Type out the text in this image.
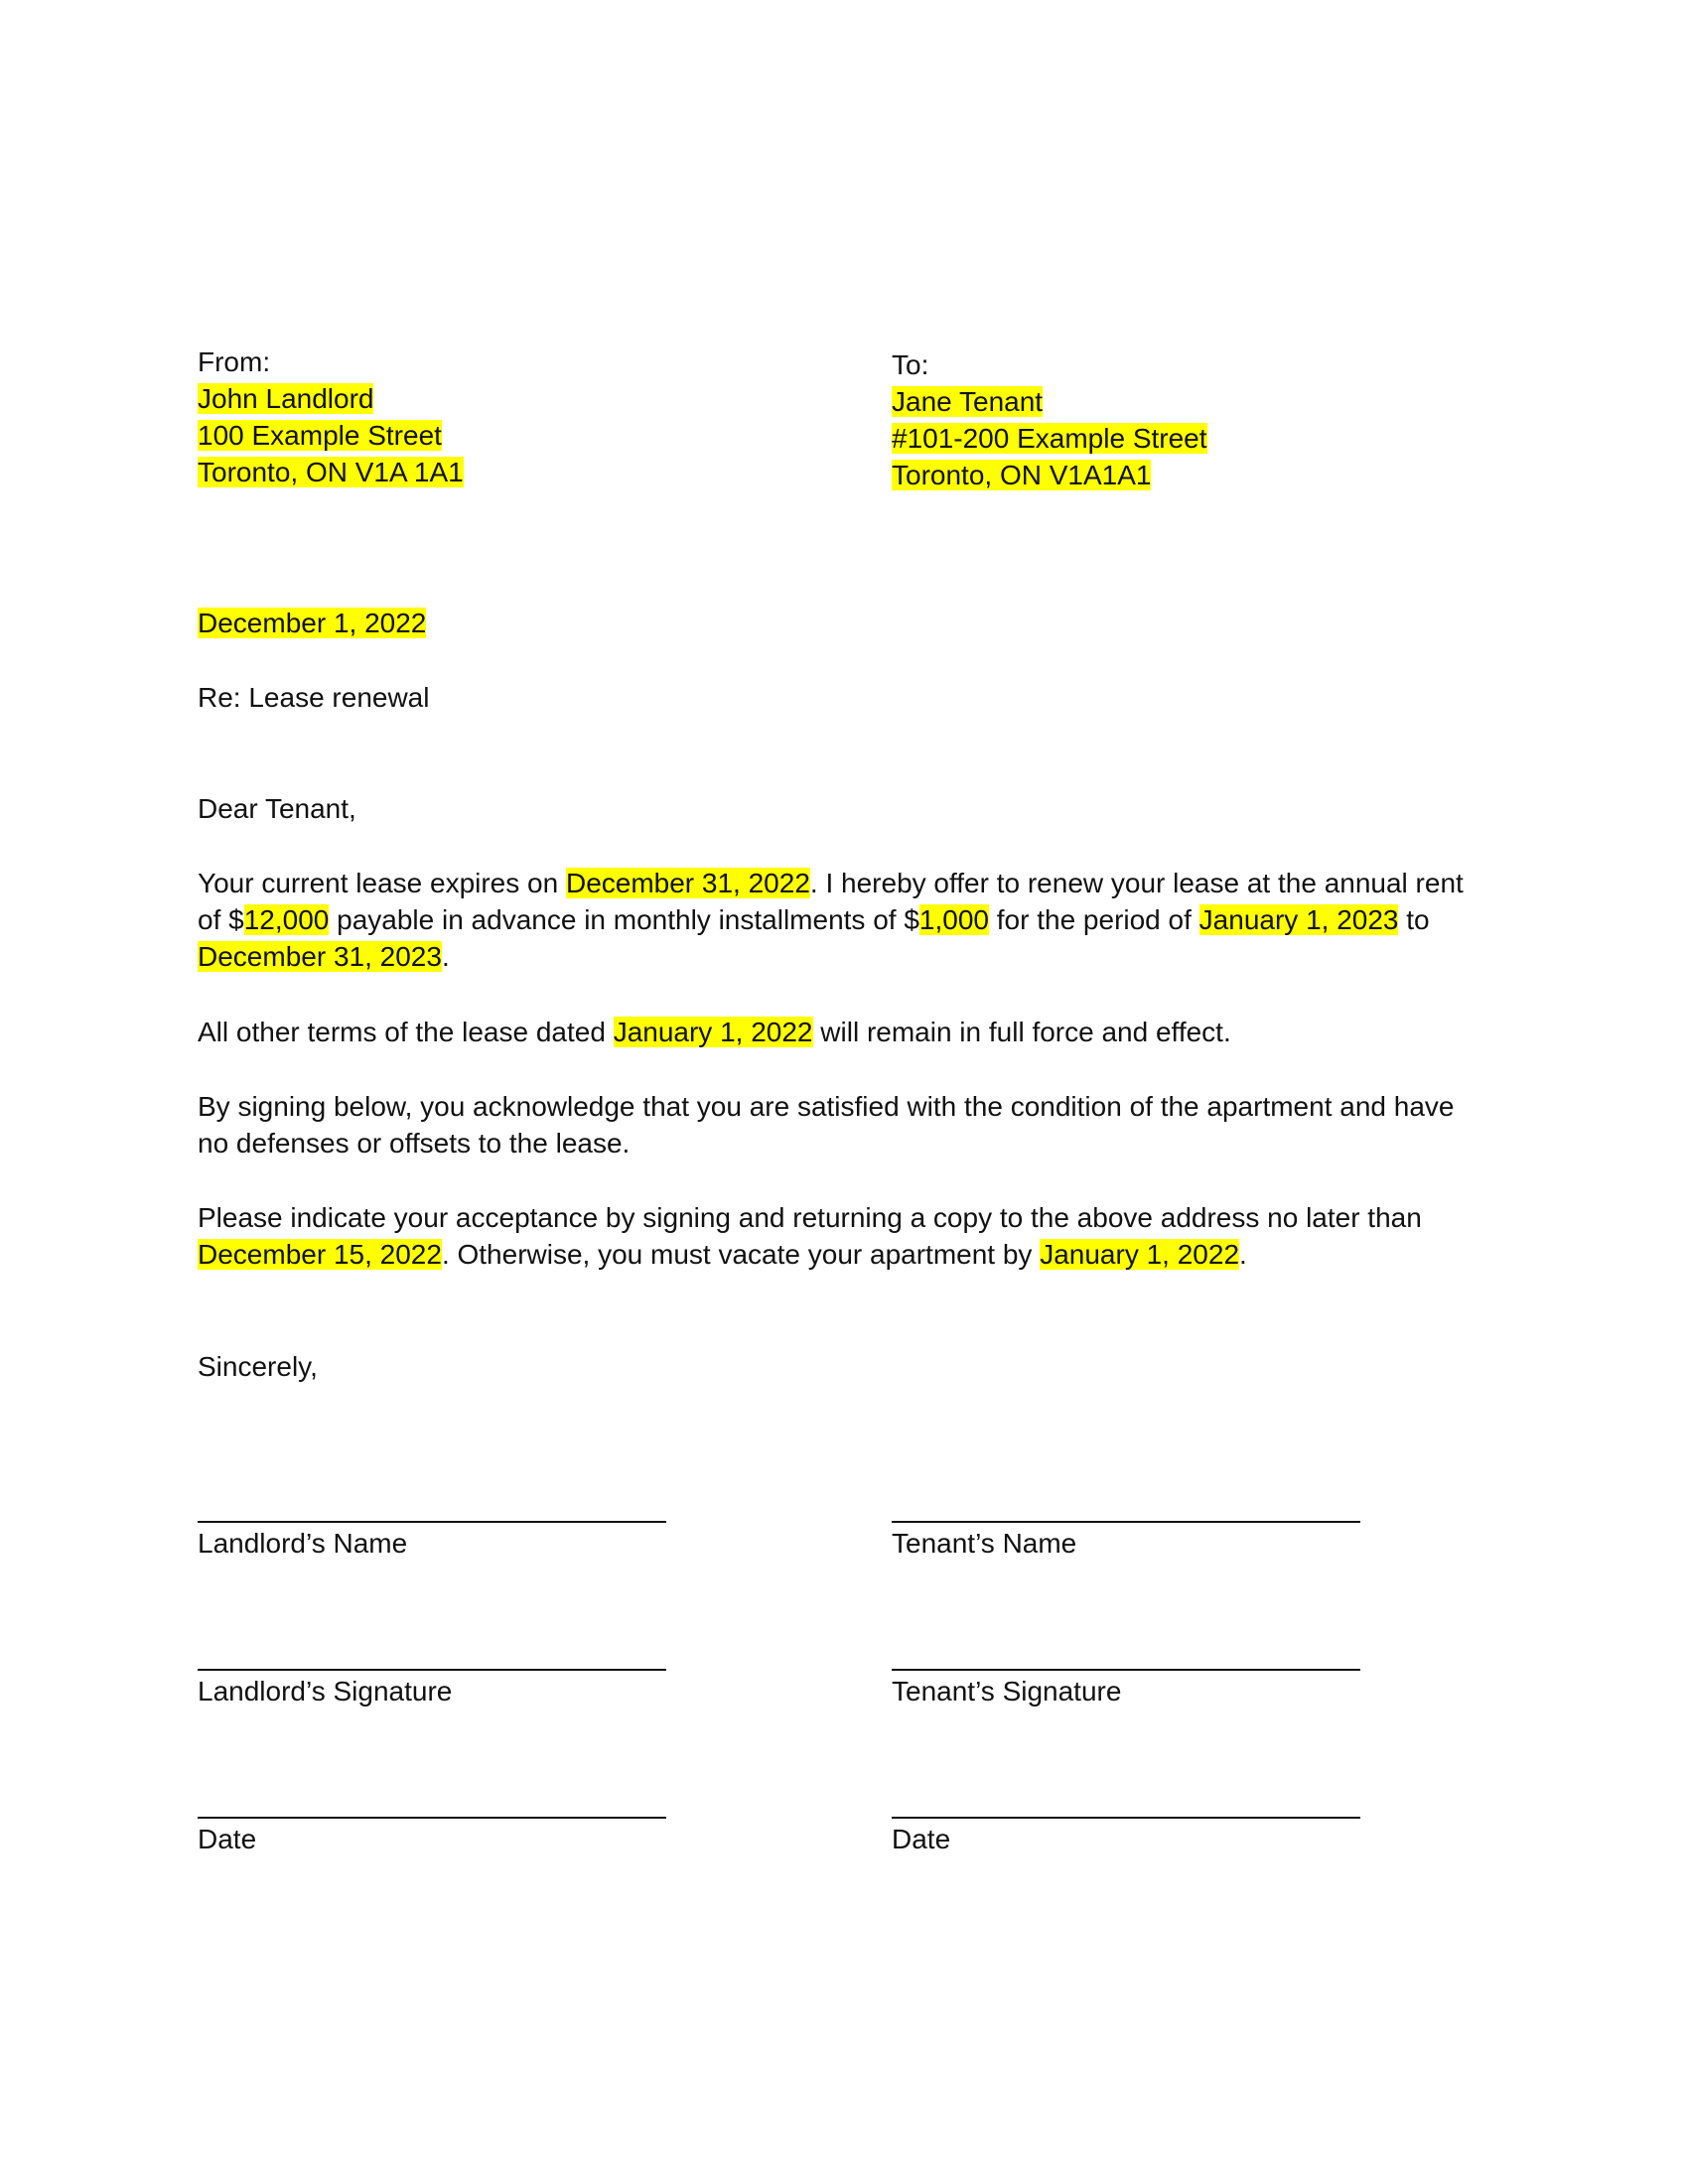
From:
John Landlord
100 Example Street
Toronto, ON V1A 1A1
To:
Jane Tenant
#101-200 Example Street
Toronto, ON V1A1A1
December 1, 2022
Re: Lease renewal
Dear Tenant,
Your current lease expires on December 31, 2022. I hereby offer to renew your lease at the annual rent of $12,000 payable in advance in monthly installments of $1,000 for the period of January 1, 2023 to December 31, 2023.
All other terms of the lease dated January 1, 2022 will remain in full force and effect.
By signing below, you acknowledge that you are satisfied with the condition of the apartment and have no defenses or offsets to the lease.
Please indicate your acceptance by signing and returning a copy to the above address no later than December 15, 2022. Otherwise, you must vacate your apartment by January 1, 2022.
Sincerely,
Landlord’s Name	Tenant’s Name
Landlord’s Signature	Tenant’s Signature
Date	Date
